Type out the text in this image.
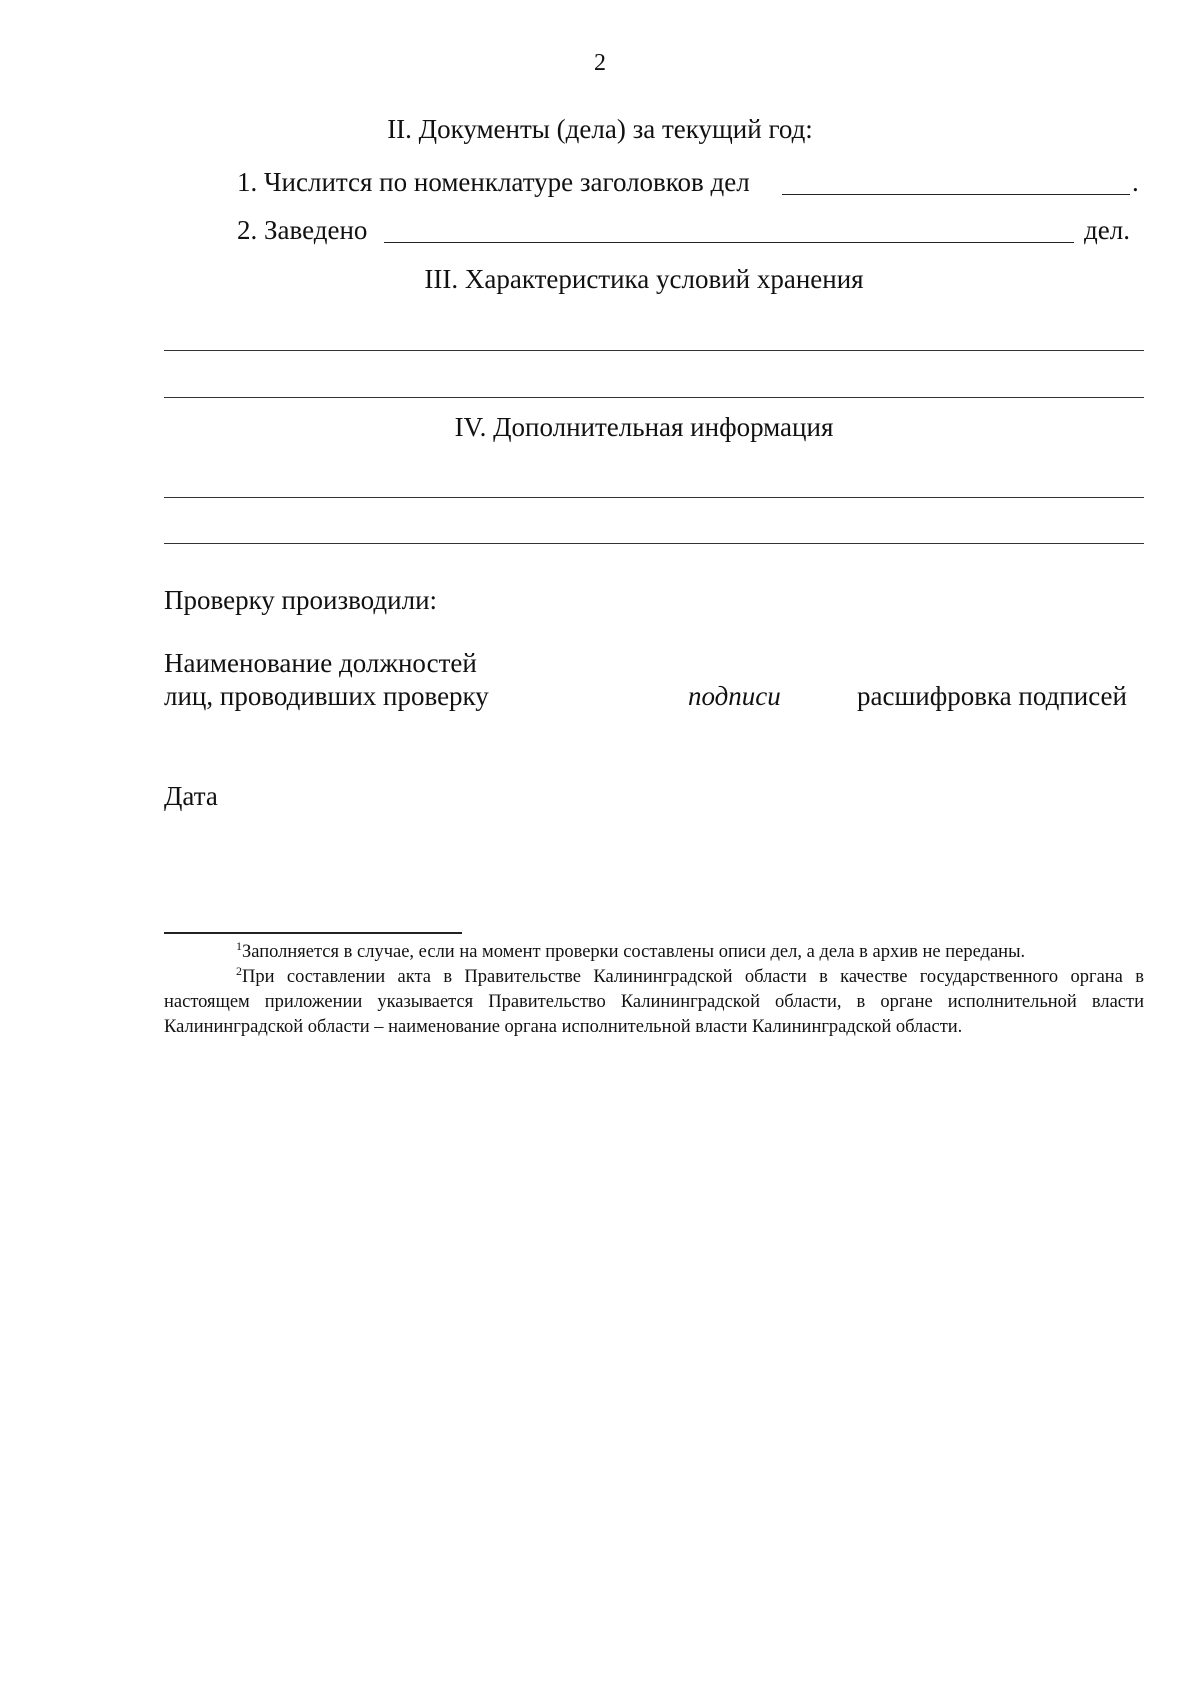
2
II. Документы (дела) за текущий год:
1. Числится по номенклатуре заголовков дел	.
2. Заведено	дел.
III. Характеристика условий хранения
IV. Дополнительная информация
Проверку производили:
Наименование должностей
лиц, проводивших проверку	подписи	расшифровка подписей
Дата
$^1$Заполняется в случае, если на момент проверки составлены описи дел, а дела в архив не переданы.
$^2$При составлении акта в Правительстве Калининградской области в качестве государственного органа в настоящем приложении указывается Правительство Калининградской области, в органе исполнительной власти Калининградской области – наименование органа исполнительной власти Калининградской области.
